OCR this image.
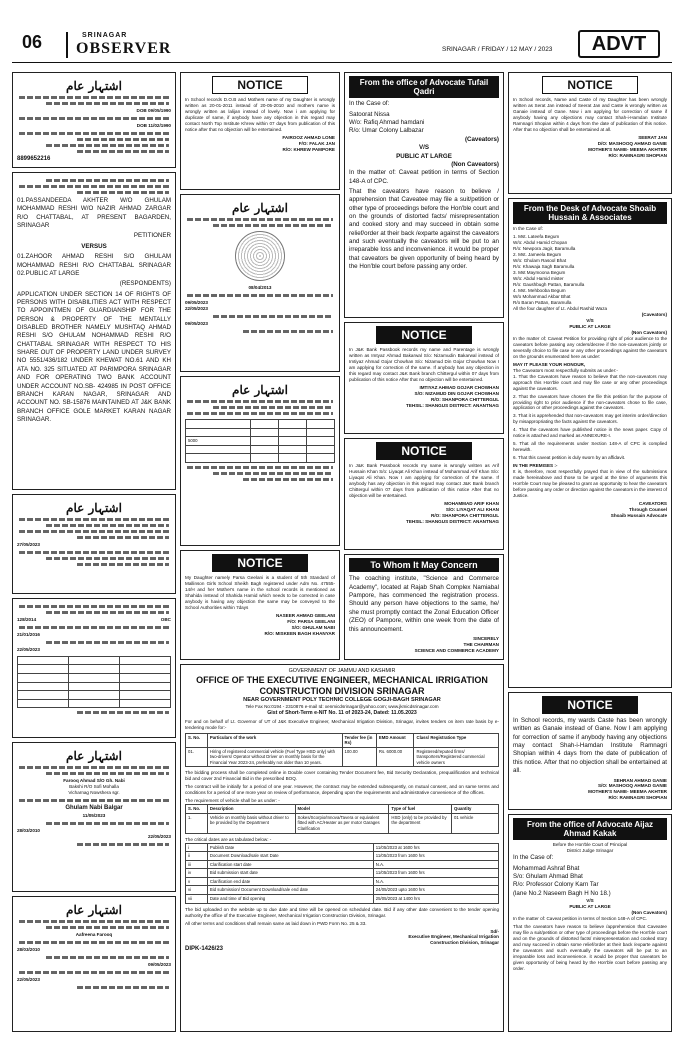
06	SRINAGAR
OBSERVER	SRINAGAR / FRIDAY / 12 MAY / 2023	ADVT
اشتہار عام
DOB 09/05/1990
DOB 11/02/1990
8899652216

01.PASSANDEEDA AKHTER W/O GHULAM MOHAMMAD RESHI W/O NAZIR AHMAD ZARGAR R/O CHATTABAL, AT PRESENT BAGARDEN, SRINAGAR

PETITIONER

VERSUS

01.ZAHOOR AHMAD RESHI S/O GHULAM MOHAMMAD RESHI R/O CHATTABAL SRINAGAR 02.PUBLIC AT LARGE

(RESPONDENTS)

APPLICATION UNDER SECTION 14 OF RIGHTS OF PERSONS WITH DISABILITIES ACT WITH RESPECT TO APPOINTMEN OF GUARDIANSHIP FOR THE PERSON & PROPERTY OF THE MENTALLY DISABLED BROTHER NAMELY MUSHTAQ AHMAD RESHI S/O GHULAM NOHAMMAD RESHI R/O CHATTABAL SRINAGAR WITH RESPECT TO HIS SHARE OUT OF PROPERTY LAND UNDER SURVEY NO 5551/436/182 UNDER KHEWAT NO.61 AND KH ATA NO. 325 SITUATED AT PARIMPORA SRINAGAR AND FOR OPERATING TWO BANK ACCOUNT UNDER ACCOUNT NO.SB- 424985 IN POST OFFICE BRANCH KARAN NAGAR, SRINAGAR AND ACCOUNT NO. SB-15876 MAINTAINED AT J&K BANK BRANCH OFFICE GOLE MARKET KARAN NAGAR SRINAGAR.

اشتہار عام
27/05/2023
128/2014	OBC
21/01/2016
22/05/2023

اشتہار عام
Farooq Ahmad S/O Gh. Nabi
Bakshi R/O Sofi Mohalla
Vicharnag Nowshera sgr.
Ghulam Nabi Balgar
11/05/2023
28/03/2010
22/05/2023
اشتہار عام
Aafreena Farooq
28/03/2010
09/05/2023
22/05/2023
NOTICE

In School records D.O.B and Mothers name of my Daughter is wrongly written as 20-01-2011 instead of 20-05-2010 and mothers name is wrongly written as lalijan instead of lovely. Now i am applying for duplicate of same, if anybody have any objection in this regard may contact North Top Institute Khrew within 07 days from publication of this notice after that no objection will be entertained.

FAIROOZ AHMAD LONE
F/O: FALAK JAN
R/O: KHREW PAMPORE
اشتہار عام
08/04/2013
09/05/2023
22/05/2023
09/05/2023
اشتہار عام

5000			

NOTICE

My Daughter namely Parsa Geelani is a student of 5th Standard of Mallinson Girls School Sheikh Bagh registered under Adm No. 47555-14/H and her Mother's name in the school records is mentioned as Shahida instead of Shahida Hamid which needs to be corrected in case anybody is having any objection the same may be conveyed to the School Authorities within 7days

NASEER AHMAD GEELANI
F/O: PARSA GEELANI
S/O: GHULAM NABI
R/O: MISKEEN BAGH KHANYAR
From the office of Advocate Tufail Qadri

In the Case of:

Satoorat Nissa
W/o: Rafiq Ahmad hamdani
R/o: Umar Colony Lalbazar
(Caveators)
V/S
PUBLIC AT LARGE
(Non Caveators)

In the matter of: Caveat petition in terms of Section 148-A of CPC.

That the caveators have reason to believe / apprehension that Caveatee may file a suit/petition or other type of proceedings before the Hon'ble court and on the grounds of distorted facts/ misrepresentation and cooked story and may succeed in obtain some relief/order at their back /exparte against the caveators and such eventually the caveators will be put to an irreparable loss and inconvenience. it would be proper that caveators be given opportunity of being heard by the Hon'ble court before passing any order.

NOTICE

In J&K Bank Passbook records my name and Parentage is wrongly written as Imtyaz Ahmad Bakarwal S/o: Nizamudin Bakarwal instead of Imtiyaz Ahmad Gojar Chowhan S/o: Nizamud Din Gojar Chowhan Now I am applying for correction of the same. If anybody has any objection in this regard may contact J&K Bank branch Chittergul within 07 days from publication of this notice After that no objection will be entertained.

IMTIYAZ AHMAD GOJAR CHOWHAN
S/O: NIZAMUD DIN GOJAR CHOWHAN
R/O: SHANPORA CHITTERGUL
TEHSIL: SHANGUS DISTRICT: ANANTNAG
NOTICE

In J&K Bank Passbook records my name is wrongly written as Arif Hussain Khan S/o: Liyaqat Ali Khan instead of Mohammad Arif Khan S/o: Liyaqat Ali Khan. Now I am applying for correction of the same. If anybody has any objection in this regard may contact J&K Bank branch Chittergul within 07 days from publication of this notice After that no objection will be entertained.

MOHAMMAD ARIF KHAN
S/O: LIYAQAT ALI KHAN
R/O: SHANPORA CHITTERGUL
TEHSIL: SHANGUS DISTRICT: ANANTNAG
To Whom It May Concern

The coaching institute, "Science and Commerce Academy", located at Rajab Shah Complex Namiabal Pampore, has commenced the registration process. Should any person have objections to the same, he/ she must promptly contact the Zonal Education Officer (ZEO) of Pampore, within one week from the date of this announcement.

SINCERELY
THE CHAIRMAN
SCIENCE AND COMMERCE ACADEMY
NOTICE

In School records, Name and Caste of my Daughter has been wrongly written as Serat Jan instead of Seerat Jan and Caste is wrongly written as Ganaie instead of Gane. Now i am applying for correction of same if anybody having any objections may contact Shah-i-Hamdan Institute Ramnagri Shopian within 4 days from the date of publication of this notice. After that no objection shall be entertained at all.

SEERAT JAN
D/O: MASHOOQ AHMAD GANIE
MOTHER'S NAME- MEEMA AKHTER
R/O: RAMNAGRI SHOPIAN
From the Desk of Advocate Shoaib Hussain & Associates

In the Case of:

1. Mst. Lateefa Begum
W/o: Abdul Hamid Chopan
R/o: Newpora Jagir, Baramulla
2. Mst. Jameela Begum
W/o: Ghulam Rasool Bhat
R/o: Khawaja Sagh Baramulla
3. Mst Maymoona Begum
W/o: Abdul Hamid mister
R/o: Gaushbugh Pattan, Baramulla
4. Mst. Mehbooba Begum
W/o Mohammad Akbar Bhat
R/o Baran Pattan, Baramulla
All the four daughter of Lt. Abdul Rashid Waza
(Caveators)
V/S
PUBLIC AT LARGE
(Non Caveators)

In the matter of: Caveat Petition for providing right of prior audience to the caveators before passing any orders/decree if the non-caveators jointly or severally choice to file case or any other proceedings against the caveators on the grounds enumerated here as under:

MAY IT PLEASE YOUR HONOUR,
The Caveators most respectfully submits as under:-

1. That the Caveators have reason to believe that the non-caveators may approach this Hon'ble court and may file case or any other proceedings against the caveators.

2. That the caveators have chosen the file this petition for the purpose of providing right to prior audience if the non-caveators chose to file case, application or other proceedings against the caveators.

3. That it is apprehended that non-caveators may get interim order/direction by misappropriating the facts against the caveators.

4. That the caveators have published notice in the news paper. Copy of notice is attached and marked as ANNEXURE-I.

5. That all the requirements under Section 148-A of CPC is complied herewith.

6. That this caveat petition is duly sworn by an affidavit.

IN THE PREMISES :-

It is, therefore, most respectfully prayed that in view of the submissions made hereinabove and those to be urged at the time of arguments this Hon'ble Court may be pleased to grant an opportunity to hear the caveators before passing any order or direction against the caveators in the interest of Justice.

CAVEATORS
Through Counsel
Shoaib Hussain Advocate
NOTICE

In School records, my wards Caste has been wrongly written as Ganaie instead of Gane. Now I am applying for correction of same if anybody having any objections may contact Shah-i-Hamdan Institute Ramnagri Shopian within 4 days from the date of publication of this notice. After that no objection shall be entertained at all.

SEHRAN AHMAD GANIE
S/O: MASHOOQ AHMAD GANIE
MOTHER'S NAME- MEEMA AKHTER
R/O: RAMNAGRI SHOPIAN
From the office of Advocate Aijaz Ahmad Kakak
Before the Hon'ble Court of Principal
District Judge Srinagar

In the Case of:

Mohammad Ashraf Bhat
S/o: Ghulam Ahmad Bhat
R/o: Professor Colony Karn Tar
(lane No.2 Naseem Bagh H No 18.)
V/S
PUBLIC AT LARGE
(Non Caveators)

In the matter of: Caveat petition in terms of Section 148-A of CPC.

That the caveators have reason to believe /apprehension that Caveatee may file a suit/petition or other type of proceedings before the Hon'ble court and on the grounds of distorted facts/ misrepresentation and cooked story and may succeed in obtain some relief/order at their back /exparte against the caveators and such eventually the caveators will be put to an irreparable loss and inconvenience. it would be proper that caveators be given opportunity of being heard by the Hon'ble court before passing any order.

GOVERNMENT OF JAMMU AND KASHMIR
OFFICE OF THE EXECUTIVE ENGINEER, MECHANICAL IRRIGATION CONSTRUCTION DIVISION SRINAGAR
NEAR GOVERNMENT POLY TECHNIC COLLEGE GOGJI-BAGH SRINAGAR
Tele Fax No:0194 - 2310876 e-mail Id: xenmicdsrinagar@yahoo.com; www.jkmicdsrinagar.com
Gist of Short-Term e-NIT No. 11 of 2023-24, Dated: 11.05.2023

For and on behalf of Lt. Governor of UT of J&K Executive Engineer, Mechanical Irrigation Division, Srinagar, invites tenders on item rate basis by e-tendering mode for:-

S. No.	Particulars of the work	Tender fee (in Rs)	EMD Amount	Class/ Registration Type
01.	Hiring of registered commercial vehicle (Fuel Type HSD only) with two-drivers/ Operator without Driver on monthly basis for the Financial Year 2023-24, preferably not older than 10 years.	100.00	Rs. 6000.00	Registered/reputed firms/ transporters/Registered commercial vehicle owners

The bidding process shall be completed online in Double cover containing Tender Document fee, Bid Security Declaration, prequalification and technical bid and cover 2nd Financial Bid in the prescribed BOQ.

The contract will be initially for a period of one year. However, the contract may be extended subsequently, on mutual consent, and on same terms and conditions for a period of one more year on review of performance, depending upon the requirements and administrative convenience of the offices.

The requirement of vehicle shall be as under: -
S. No.	Description	Model	Type of fuel	Quantity
1.	Vehicle on monthly basis without driver to be provided by the Department	Sokes/Scorpio/Innova/Tavera or equivalent fitted with AC/Heater as per motor Garages Clarification	HSD (only) to be provided by the department	01 vehicle
The critical dates are as tabulated below: -
i	Publish Date	11/05/2023 at 1600 hrs
ii	Document Download/sale start Date	11/05/2023 from 1600 hrs
iii	Clarification start date	N.A.
iv	Bid submission start date	11/05/2023 from 1600 hrs
v	Clarification end date	N.A.
vi	Bid submission/ Document Download/sale end date	24/05/2023 upto 1600 hrs
vii	Date and time of Bid opening	25/05/2023 at 1400 hrs

The bid uploaded on the website up to due date and time will be opened on scheduled date. Bid if any other date convenient to the tender opening authority the office of the Executive Engineer, Mechanical Irrigation Construction Division, Srinagar.

All other terms and conditions shall remain same as laid down in PWD Form No. 25 & 33.

Sd/-
Executive Engineer, Mechanical Irrigation
Construction Division, Srinagar
DIPK-1426/23
